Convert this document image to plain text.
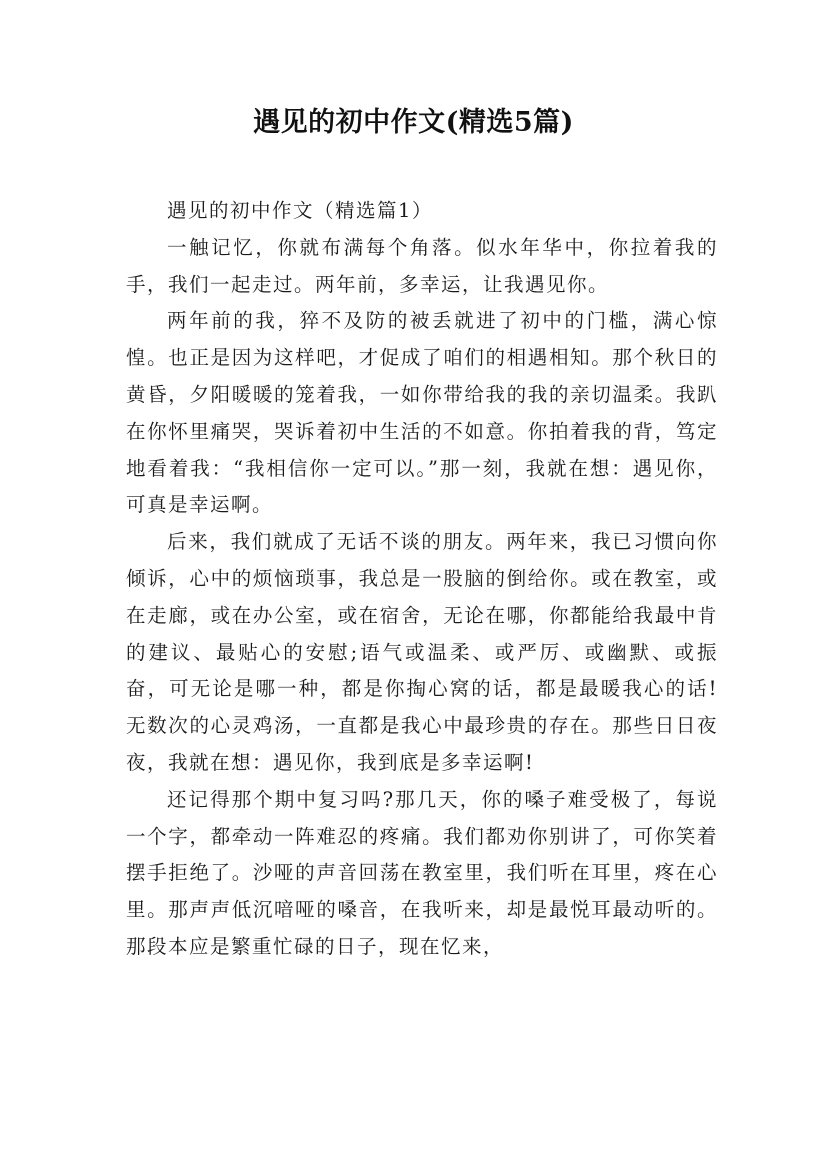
遇见的初中作文(精选5篇)

遇见的初中作文（精选篇1）

一触记忆，你就布满每个角落。似水年华中，你拉着我的手，我们一起走过。两年前，多幸运，让我遇见你。

两年前的我，猝不及防的被丢就进了初中的门槛，满心惊惶。也正是因为这样吧，才促成了咱们的相遇相知。那个秋日的黄昏，夕阳暖暖的笼着我，一如你带给我的我的亲切温柔。我趴在你怀里痛哭，哭诉着初中生活的不如意。你拍着我的背，笃定地看着我：“我相信你一定可以。”那一刻，我就在想：遇见你，可真是幸运啊。

后来，我们就成了无话不谈的朋友。两年来，我已习惯向你倾诉，心中的烦恼琐事，我总是一股脑的倒给你。或在教室，或在走廊，或在办公室，或在宿舍，无论在哪，你都能给我最中肯的建议、最贴心的安慰;语气或温柔、或严厉、或幽默、或振奋，可无论是哪一种，都是你掏心窝的话，都是最暖我心的话!无数次的心灵鸡汤，一直都是我心中最珍贵的存在。那些日日夜夜，我就在想：遇见你，我到底是多幸运啊!

还记得那个期中复习吗?那几天，你的嗓子难受极了，每说一个字，都牵动一阵难忍的疼痛。我们都劝你别讲了，可你笑着摆手拒绝了。沙哑的声音回荡在教室里，我们听在耳里，疼在心里。那声声低沉喑哑的嗓音，在我听来，却是最悦耳最动听的。那段本应是繁重忙碌的日子，现在忆来，
